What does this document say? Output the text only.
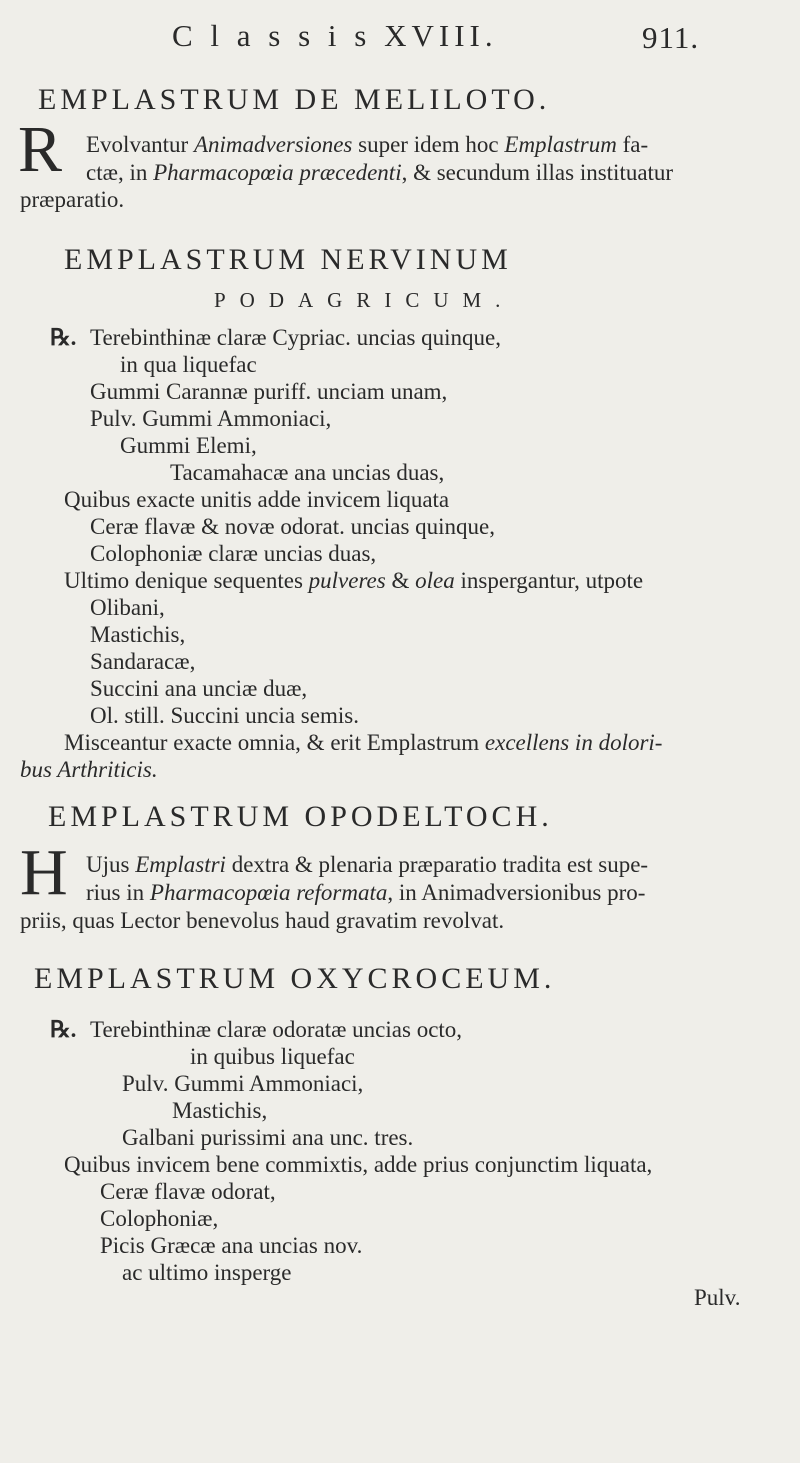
C l a s s i s XVIII.	911.
EMPLASTRUM DE MELILOTO.
R Evolvantur Animadversiones super idem hoc Emplastrum fa-
ctæ, in Pharmacopœia præcedenti, & secundum illas instituatur
præparatio.
EMPLASTRUM NERVINUM
PODAGRICUM.
℞. Terebinthinæ claræ Cypriac. uncias quinque,
in qua liquefac
Gummi Carannæ puriff. unciam unam,
Pulv. Gummi Ammoniaci,
Gummi Elemi,
Tacamahacæ ana uncias duas,
Quibus exacte unitis adde invicem liquata
Ceræ flavæ & novæ odorat. uncias quinque,
Colophoniæ claræ uncias duas,
Ultimo denique sequentes pulveres & olea inspergantur, utpote
Olibani,
Mastichis,
Sandaracæ,
Succini ana unciæ duæ,
Ol. still. Succini uncia semis.
Misceantur exacte omnia, & erit Emplastrum excellens in dolori-
bus Arthriticis.
EMPLASTRUM OPODELTOCH.
H Ujus Emplastri dextra & plenaria præparatio tradita est supe-
rius in Pharmacopœia reformata, in Animadversionibus pro-
priis, quas Lector benevolus haud gravatim revolvat.
EMPLASTRUM OXYCROCEUM.
℞. Terebinthinæ claræ odoratæ uncias octo,
in quibus liquefac
Pulv. Gummi Ammoniaci,
Mastichis,
Galbani purissimi ana unc. tres.
Quibus invicem bene commixtis, adde prius conjunctim liquata,
Ceræ flavæ odorat,
Colophoniæ,
Picis Græcæ ana uncias nov.
ac ultimo insperge
Pulv.
